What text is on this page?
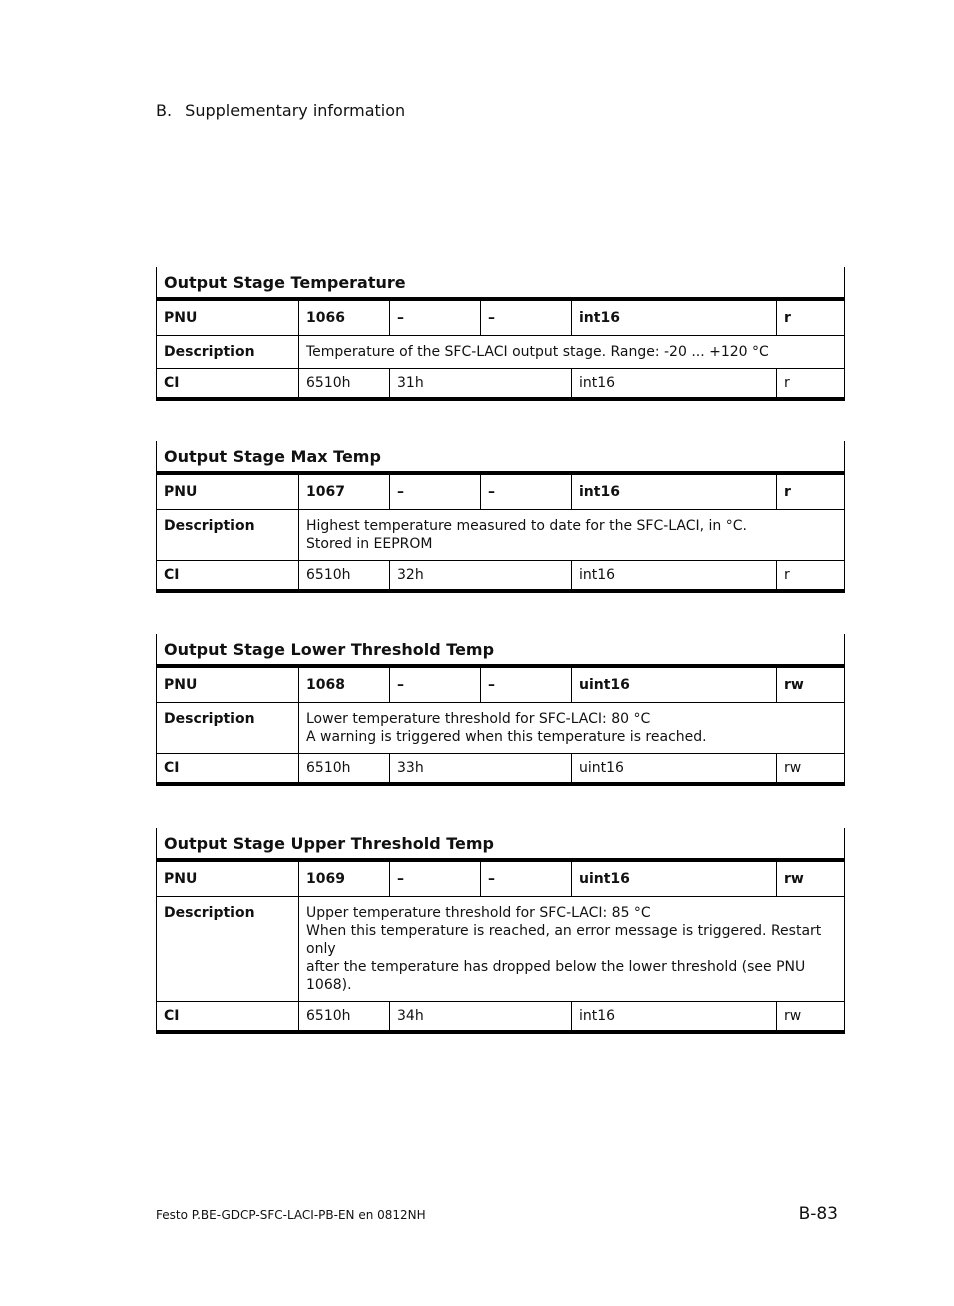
B. Supplementary information
Output Stage Temperature					
PNU	1066	–	–	int16	r
Description	Temperature of the SFC-LACI output stage. Range: -20 ... +120 °C				

CI	6510h	31h		int16	r
Output Stage Max Temp					
PNU	1067	–	–	int16	r
Description	Highest temperature measured to date for the SFC-LACI, in °C.
Stored in EEPROM				

CI	6510h	32h		int16	r
Output Stage Lower Threshold Temp					
PNU	1068	–	–	uint16	rw
Description	Lower temperature threshold for SFC-LACI: 80 °C
A warning is triggered when this temperature is reached.				

CI	6510h	33h		uint16	rw
Output Stage Upper Threshold Temp					
PNU	1069	–	–	uint16	rw
Description	Upper temperature threshold for SFC-LACI: 85 °C
When this temperature is reached, an error message is triggered. Restart only
after the temperature has dropped below the lower threshold (see PNU 1068).				

CI	6510h	34h		int16	rw
Festo P.BE-GDCP-SFC-LACI-PB-EN en 0812NH	B-83
